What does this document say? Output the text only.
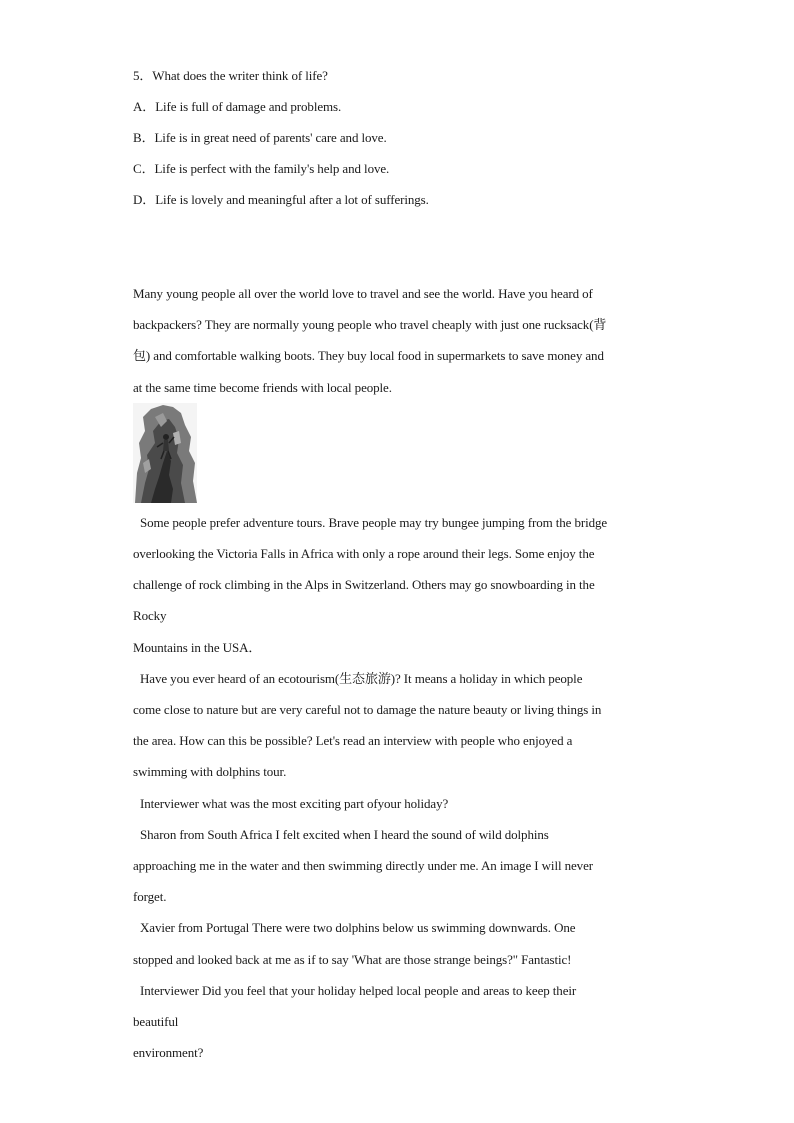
5．What does the writer think of life?
A．Life is full of damage and problems.
B．Life is in great need of parents' care and love.
C．Life is perfect with the family's help and love.
D．Life is lovely and meaningful after a lot of sufferings.
Many young people all over the world love to travel and see the world. Have you heard of
backpackers? They are normally young people who travel cheaply with just one rucksack(背
包) and comfortable walking boots. They buy local food in supermarkets to save money and
at the same time become friends with local people.
Some people prefer adventure tours. Brave people may try bungee jumping from the bridge
overlooking the Victoria Falls in Africa with only a rope around their legs. Some enjoy the
challenge of rock climbing in the Alps in Switzerland. Others may go snowboarding in the
Rocky
Mountains in the USA．
Have you ever heard of an ecotourism(生态旅游)? It means a holiday in which people
come close to nature but are very careful not to damage the nature beauty or living things in
the area. How can this be possible? Let's read an interview with people who enjoyed a
swimming with dolphins tour.
Interviewer what was the most exciting part ofyour holiday?
Sharon from South Africa I felt excited when I heard the sound of wild dolphins
approaching me in the water and then swimming directly under me. An image I will never
forget.
Xavier from Portugal There were two dolphins below us swimming downwards. One
stopped and looked back at me as if to say 'What are those strange beings?" Fantastic!
Interviewer Did you feel that your holiday helped local people and areas to keep their
beautiful
environment?
